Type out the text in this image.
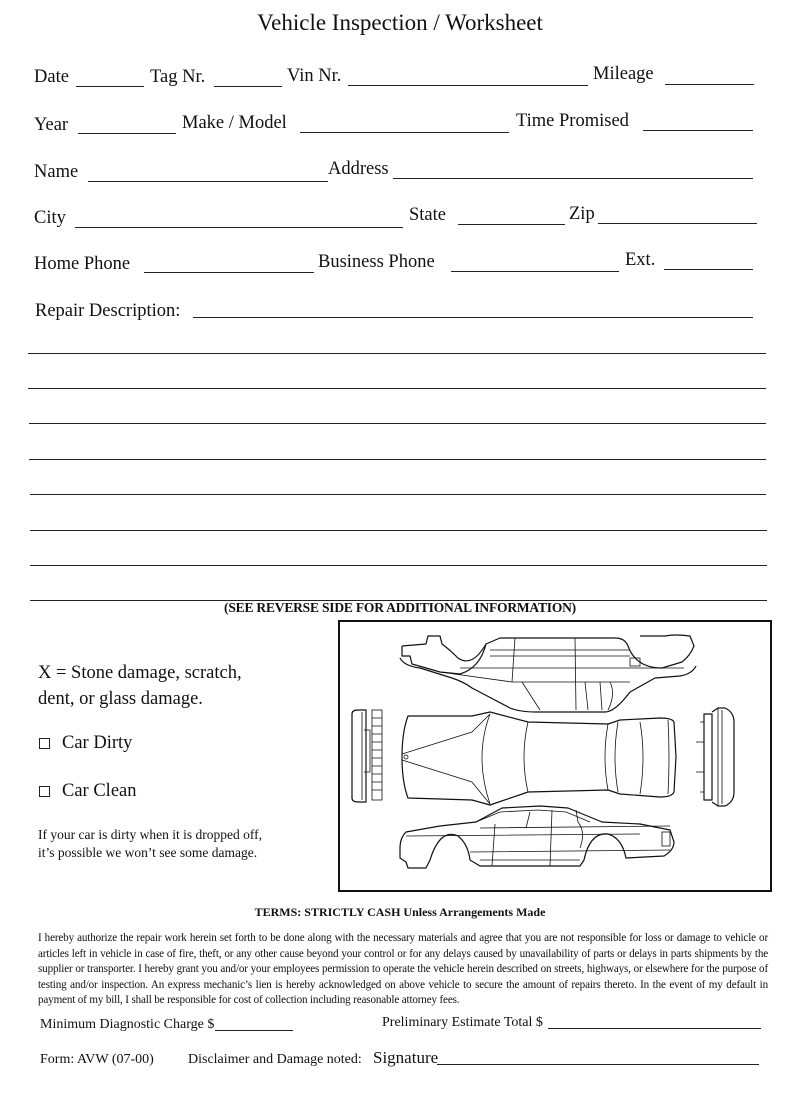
Vehicle Inspection / Worksheet
Date	Tag Nr.	Vin Nr.	Mileage
Year	Make / Model	Time Promised
Name	Address
City	State	Zip
Home Phone	Business Phone	Ext.
Repair Description:
(SEE REVERSE SIDE FOR ADDITIONAL INFORMATION)
X = Stone damage, scratch,
dent, or glass damage.
Car Dirty
Car Clean
If your car is dirty when it is dropped off,
it’s possible we won’t see some damage.
TERMS: STRICTLY CASH Unless Arrangements Made
I hereby authorize the repair work herein set forth to be done along with the necessary materials and agree that you are not responsible for loss or damage to vehicle or articles left in vehicle in case of fire, theft, or any other cause beyond your control or for any delays caused by unavailability of parts or delays in parts shipments by the supplier or transporter. I hereby grant you and/or your employees permission to operate the vehicle herein described on streets, highways, or elsewhere for the purpose of testing and/or inspection. An express mechanic’s lien is hereby acknowledged on above vehicle to secure the amount of repairs thereto. In the event of my default in payment of my bill, I shall be responsible for cost of collection including reasonable attorney fees.
Minimum Diagnostic Charge $	Preliminary Estimate Total $
Form: AVW (07-00) Disclaimer and Damage noted: Signature
